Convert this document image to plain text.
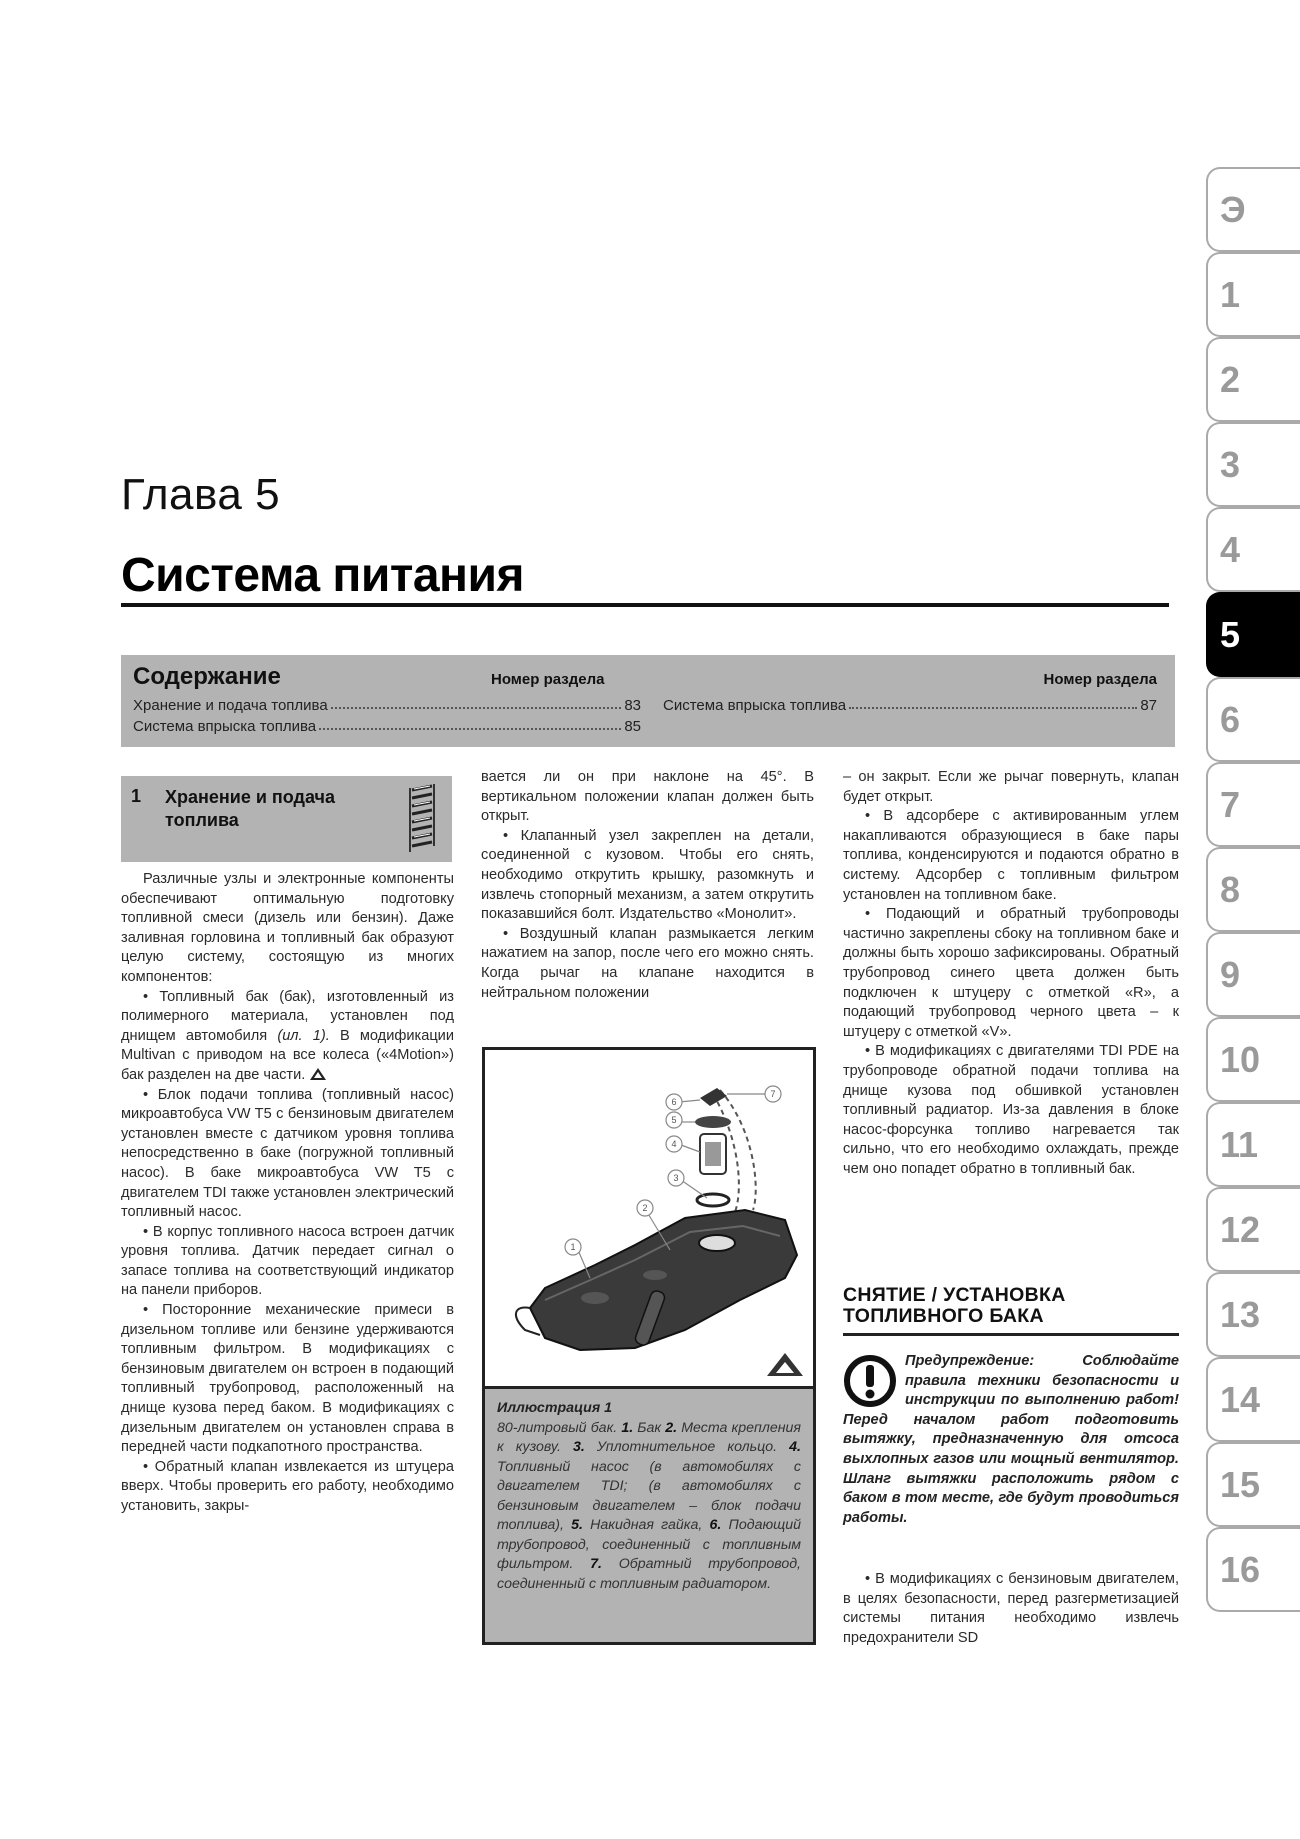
Глава 5
Система питания
Содержание	Номер раздела	Номер раздела
Хранение и подача топлива	83
Система впрыска топлива	85
Система впрыска топлива	87
1 Хранение и подача топлива

Различные узлы и электронные компоненты обеспечивают оптимальную подготовку топливной смеси (дизель или бензин). Даже заливная горловина и топливный бак образуют целую систему, состоящую из многих компонентов:

• Топливный бак (бак), изготовленный из полимерного материала, установлен под днищем автомобиля (ил. 1). В модификации Multivan с приводом на все колеса («4Motion») бак разделен на две части.

• Блок подачи топлива (топливный насос) микроавтобуса VW T5 с бензиновым двигателем установлен вместе с датчиком уровня топлива непосредственно в баке (погружной топливный насос). В баке микроавтобуса VW T5 с двигателем TDI также установлен электрический топливный насос.

• В корпус топливного насоса встроен датчик уровня топлива. Датчик передает сигнал о запасе топлива на соответствующий индикатор на панели приборов.

• Посторонние механические примеси в дизельном топливе или бензине удерживаются топливным фильтром. В модификациях с бензиновым двигателем он встроен в подающий топливный трубопровод, расположенный на днище кузова перед баком. В модификациях с дизельным двигателем он установлен справа в передней части подкапотного пространства.

• Обратный клапан извлекается из штуцера вверх. Чтобы проверить его работу, необходимо установить, закры-

вается ли он при наклоне на 45°. В вертикальном положении клапан должен быть открыт.

• Клапанный узел закреплен на детали, соединенной с кузовом. Чтобы его снять, необходимо открутить крышку, разомкнуть и извлечь стопорный механизм, а затем открутить показавшийся болт. Издательство «Монолит».

• Воздушный клапан размыкается легким нажатием на запор, после чего его можно снять. Когда рычаг на клапане находится в нейтральном положении

1
2
3
4
5
6
7
Иллюстрация 1
80-литровый бак. 1. Бак 2. Места крепления к кузову. 3. Уплотнительное кольцо. 4. Топливный насос (в автомобилях с двигателем TDI; (в автомобилях с бензиновым двигателем – блок подачи топлива), 5. Накидная гайка, 6. Подающий трубопровод, соединенный с топливным фильтром. 7. Обратный трубопровод, соединенный с топливным радиатором.

– он закрыт. Если же рычаг повернуть, клапан будет открыт.

• В адсорбере с активированным углем накапливаются образующиеся в баке пары топлива, конденсируются и подаются обратно в систему. Адсорбер с топливным фильтром установлен на топливном баке.

• Подающий и обратный трубопроводы частично закреплены сбоку на топливном баке и должны быть хорошо зафиксированы. Обратный трубопровод синего цвета должен быть подключен к штуцеру с отметкой «R», а подающий трубопровод черного цвета – к штуцеру с отметкой «V».

• В модификациях с двигателями TDI PDE на трубопроводе обратной подачи топлива на днище кузова под обшивкой установлен топливный радиатор. Из-за давления в блоке насос-форсунка топливо нагревается так сильно, что его необходимо охлаждать, прежде чем оно попадет обратно в топливный бак.

СНЯТИЕ / УСТАНОВКА
ТОПЛИВНОГО БАКА
Предупреждение: Соблюдайте правила техники безопасности и инструкции по выполнению работ! Перед началом работ подготовить вытяжку, предназначенную для отсоса выхлопных газов или мощный вентилятор. Шланг вытяжки расположить рядом с баком в том месте, где будут проводиться работы.

• В модификациях с бензиновым двигателем, в целях безопасности, перед разгерметизацией системы питания необходимо извлечь предохранители SD

Э
1
2
3
4
5
6
7
8
9
10
11
12
13
14
15
16
